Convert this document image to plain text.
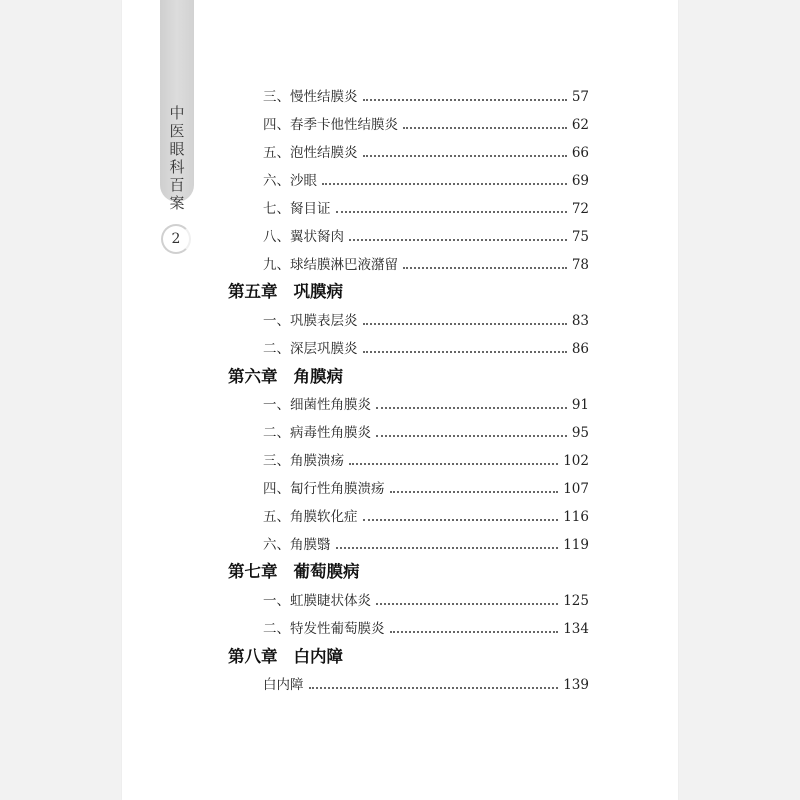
中医眼科百案
2
三、慢性结膜炎	57
四、春季卡他性结膜炎	62
五、泡性结膜炎	66
六、沙眼	69
七、胬目证	72
八、翼状胬肉	75
九、球结膜淋巴液潴留	78
第五章 巩膜病
一、巩膜表层炎	83
二、深层巩膜炎	86
第六章 角膜病
一、细菌性角膜炎	91
二、病毒性角膜炎	95
三、角膜溃疡	102
四、匐行性角膜溃疡	107
五、角膜软化症	116
六、角膜翳	119
第七章 葡萄膜病
一、虹膜睫状体炎	125
二、特发性葡萄膜炎	134
第八章 白内障
白内障	139
